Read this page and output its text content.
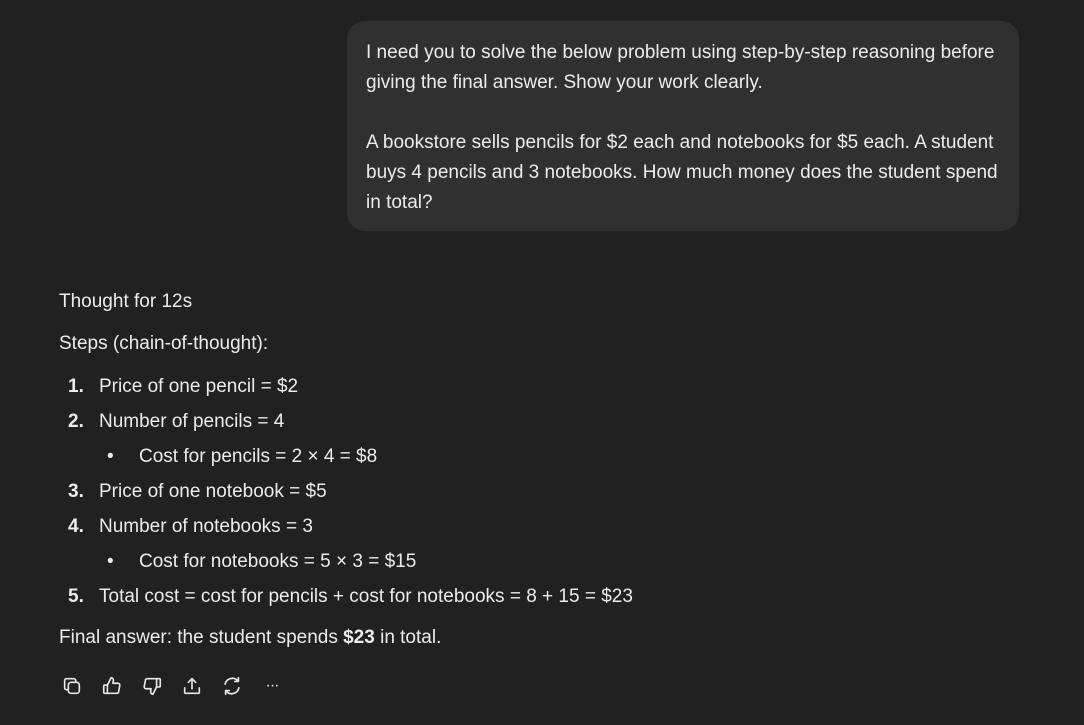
I need you to solve the below problem using step-by-step reasoning before giving the final answer. Show your work clearly.

A bookstore sells pencils for $2 each and notebooks for $5 each. A student buys 4 pencils and 3 notebooks. How much money does the student spend in total?

Thought for 12s

Steps (chain-of-thought):

1. Price of one pencil = $2
2. Number of pencils = 4
• Cost for pencils = 2 × 4 = $8
3. Price of one notebook = $5
4. Number of notebooks = 3
• Cost for notebooks = 5 × 3 = $15
5. Total cost = cost for pencils + cost for notebooks = 8 + 15 = $23

Final answer: the student spends $23 in total.

···
